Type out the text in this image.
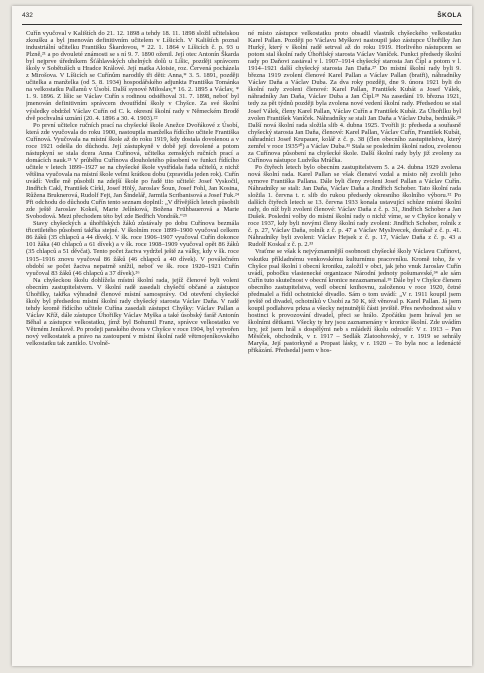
432	ŠKOLA

Cuřín vyučoval v Kalištích do 21. 12. 1898 a tehdy 18. 11. 1898 složil učitelskou zkoušku a byl jmenován definitivním učitelem v Líšicích. V Kalištích poznal industriální učitelku Františku Škardovou, * 22. 1. 1864 v Líšicích č. p. 93 u Plzně,²¹ a po dvouleté známosti se s ní 9. 7. 1890 oženil. Její otec Antonín Škarda byl nejprve úředníkem Šťáhlavských uhelných dolů u Líšic, později správcem školy v Sobětuších u Hradce Králové. Její matka Aloisie, roz. Červená pocházela z Mirošova. V Líšicích se Cuřínům narodily tři děti: Anna,* 3. 5. 1891, později učitelka a manželka (od 5. 8. 1934) hospodářského adjunkta Františka Tománka na velkostatku Pallamů v Úsobí. Další synové Miloslav,* 16. 2. 1895 a Václav, * 1. 9. 1896. Z líšic se Václav Cuřín s rodinou odstěhoval 31. 7. 1898, neboť byl jmenován definitivním správcem dvoutřídní školy v Chyšce. Za své školní výsledky obdržel Václav Cuřín od C. k. okresní školní rady v Německém Brodě dvě pochvalná uznání (20. 4. 1896 a 30. 4. 1903).²²

Po první učitelce ručních prací na chyšecké škole Anežce Dvořákové z Úsobí, která zde vyučovala do roku 1900, nastoupila manželka řídícího učitele Františka Cuřínová. Vyučovala na místní škole až do roku 1919, kdy dostala dovolenou a v roce 1921 odešla do důchodu. Její zástupkyně v době její dovolené a potom nástupkyní se stala dcera Anna Cuřínová, učitelka zemských ručních prací a domácích nauk.²³ V průběhu Cuřínova dlouholetého působení ve funkci řídícího učitele v letech 1899–1927 se na chyšecké škole vystřídala řada učitelů, z nichž většina vyučovala na místní škole velmi krátkou dobu (zpravidla jeden rok). Cuřín uvádí: Vedle mě působili na zdejší škole po řadě tito učitelé: Josef Vyskočil, Jindřich Cakl, František Církl, Josef Hölý, Jaroslav Šoun, Josef Fohl, Jan Kosina, Růžena Bruknerová, Rudolf Fejt, Jan Šindelář, Jarmila Scribanisová a Josef Fuk.²⁴ Při odchodu do důchodu Cuřín tento seznam doplnil: „V dřívějších letech působili zde ještě Jaroslav Kokeš, Marie Jelínková, Božena Frühbauerová a Marie Svobodová. Mezi přechodem této byl zde Bedřich Vondrák.“²⁵

Stavy chyšeckých a úhořilských žáků zůstávaly po dobu Cuřínova bezmála třicetiletého působení takřka stejné. V školním roce 1899–1900 vyučoval celkem 86 žáků (35 chlapců a 44 dívek). V šk. roce 1906–1907 vyučoval Cuřín dokonce 101 žáka (40 chlapců a 61 dívek) a v šk. roce 1908–1909 vyučoval opět 86 žáků (35 chlapců a 51 děvčat). Tento počet žactva vydržel ještě za války, kdy v šk. roce 1915–1916 znovu vyučoval 86 žáků (46 chlapců a 40 dívek). V poválečném období se počet žactva nepatrně snížil, neboť ve šk. roce 1920–1921 Cuřín vyučoval 83 žáků (46 chlapců a 37 dívek).²⁶

Na chyšeckou školu dohlížela místní školní rada, jejíž členové byli voleni obecním zastupitelstvem. V školní radě zasedali chyšečtí občané a zástupce Úhořilky, takřka výhradně členové místní samosprávy. Od otevření chyšecké školy byl předsedou místní školní rady chyšecký starosta Václav Daňa. V radě tehdy kromě řídícího učitele Cuřína zasedali zástupci Chyšky: Václav Pallan a Václav Kříž, dále zástupce Úhořilky Václav Myška a také úsobský farář Antonín Běhal a zástupce velkostatku, jímž byl Bohumil Franz, správce velkostatku ve Větrném Jeníkově. Po prodeji panského dvora v Chyšce v roce 1904, byl vytvořen nový velkostatek a právo na zastoupení v místní školní radě větrnojeníkovského velkostatku tak zaniklo. Uvolně-

né místo zástupce velkostatku proto obsadil vlastník chyšeckého velkostatku Karel Pallan. Později po Václavu Myškovi nastoupil jako zástupce Úhořilky Jan Hurký, který v školní radě setrval až do roku 1919. Horlivého nástupcem se potom stal školní rady Úhořilský starosta Václav Vaníček. Funkci předsedy školní rady po Daňovi zastával v l. 1907–1914 chyšecký starosta Jan Čípl a potom v l. 1914–1921 další chyšecký starosta Jan Daňa.²⁷ Do místní školní rady byli 9. března 1919 zvoleni členové Karel Pallan a Václav Pallan (bratři), náhradníky Václav Daňa a Václav Duba. Za dva roky později, dne 9. února 1921 byli do školní rady zvoleni členové: Karel Pallan, František Kubát a Josef Válek, náhradníky Jan Daňa, Václav Duba a Jan Čípl.²⁸ Na zasedání 19. března 1921, tedy za pět týdnů později byla zvolena nové vedení školní rady. Předsedou se stal Josef Válek, členy Karel Pallan, Václav Cuřín a František Kubát. Za Úhořilku byl zvolen František Vaníček. Náhradníky se stali Jan Daňa a Václav Duba, bedniák.²⁹ Další nová školní rada složila slib 4. dubna 1925. Tvořili ji: předseda a souřasně chyšecký starosta Jan Daňa, členové: Karel Pallan, Václav Cuřín, František Kubát, náhradníci Josef Krupauer, kolář z č. p. 38 (člen obecního zastupitelstva, který zemřel v roce 1935³⁰) a Václav Duba.³¹ Stala se posledním školní radou, zvolenou za Cuřínova působení na chyšecké škole. Další školní rady byly již zvoleny za Cuřínova nástupce Ludvíka Mráčka.

Po čtyřech letech bylo obecním zastupitelstvem 5. a 24. dubna 1929 zvolena nová školní rada. Karel Pallan se však členství vzdal a místo něj zvolili jeho syrnove Františka Pallana. Dále byli členy zvoleni Josef Pallan a Václav Cuřín. Náhradníky se stali: Jan Daňa, Václav Daňa a Jindřich Schober. Tato školní rada složila 1. června t. r. slib do rukou předsedy okresního školního výboru.³² Po dalších čtyřech letech se 13. června 1933 konala ustavující schůze místní školní rady, do níž byli zvoleni členové: Václav Daňa z č. p. 31, Jindřich Schober a Jan Dušek. Poslední volby do místní školní rady o nichž víme, se v Chyšce konaly v roce 1937, kdy byli novými členy školní rady zvoleni: Jindřich Schober, rolník z č. p. 27, Václav Daňa, rolník z č. p. 47 a Václav Myslivecek, domkař z č. p. 41. Náhradníky byli zvoleni: Václav Hejsek z č. p. 17, Václav Daňa z č. p. 43 a Rudolf Koskal z č. p. 2.³³

Vraťme se však k nejvýznamnější osobnosti chyšecké školy Václavu Cuřínovi, vskutku příkladnému venkovskému kulturnímu pracovníku. Kromě toho, že v Chyšce psal školní i obecní kroniku, založil v obci, jak jeho vnuk Jaroslav Cuřín uvádí, pobočku vlastenecké organizace Národní jednoty pošumavské,³⁴ ale sám Cuřín tuto skutečnost v obecní kronice nezaznamenal.³⁵ Dále byl v Chyšce členem obecního zastupitelstva, vedl obecní knihovnu, založenou v roce 1920, četné předmalel a řídil ochotnické divadlo. Sám o tom uvádí: „V r. 1911 koupil jsem jevště od divadel, ochotníků v Úsobí za 50 K, též věnoval p. Karel Pallan. Já jsem koupil podlahovu prkna a všecky nejnutnější části jeviště. Přes nevhodnost sálu v hostinci k provozování divadel, přeci se hrálo. Zpočátku jsem hrával jen se školními dětkami. Všecky ty hry jsou zaznamenány v kronice školní. Zde uvádím hry, jež jsem hrál s dospělými neb s mládeží školu odrostlé: V r. 1913 – Pan Měsíček, obchodník, v r. 1917 – Sedlák Zlatoohovský, v r. 1919 se sehrály Maryša, Její pastorkyně a Propast lásky, v r. 1920 – To byla noc a ledenácté přikázání. Předsedal jsem v hos-
